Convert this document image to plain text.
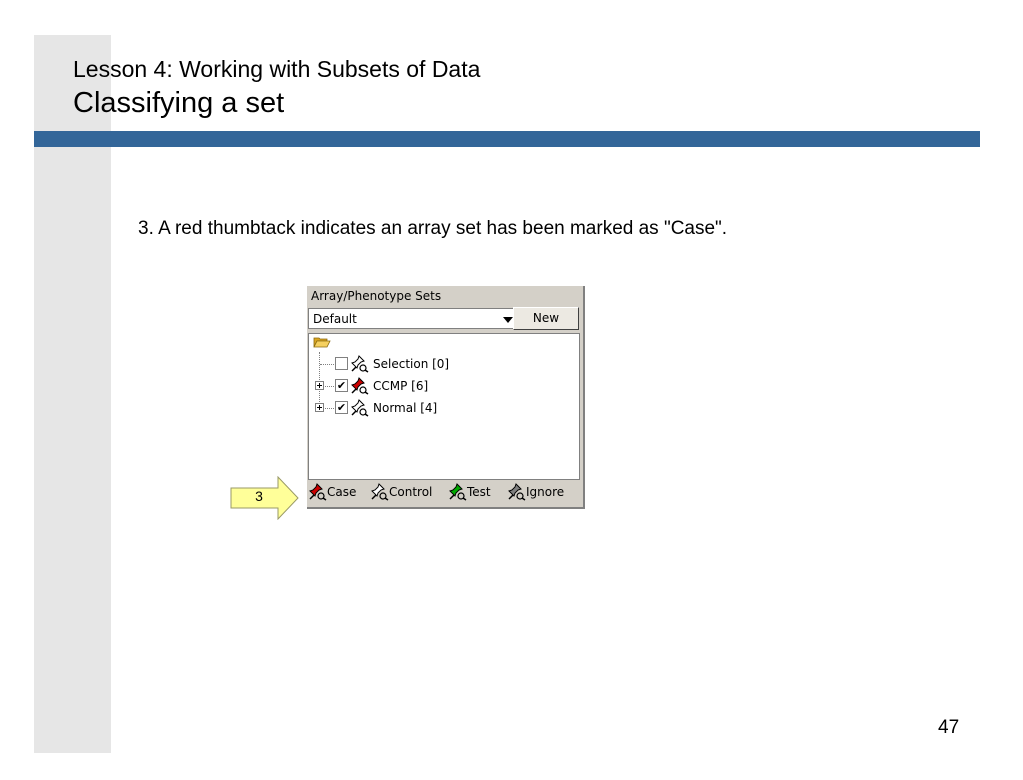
Lesson 4: Working with Subsets of Data
Classifying a set
3. A red thumbtack indicates an array set has been marked as "Case".
3
Array/Phenotype Sets
Default	New
Selection [0]
✔ CCMP [6]
✔ Normal [4]
Case	Control	Test	Ignore
47
